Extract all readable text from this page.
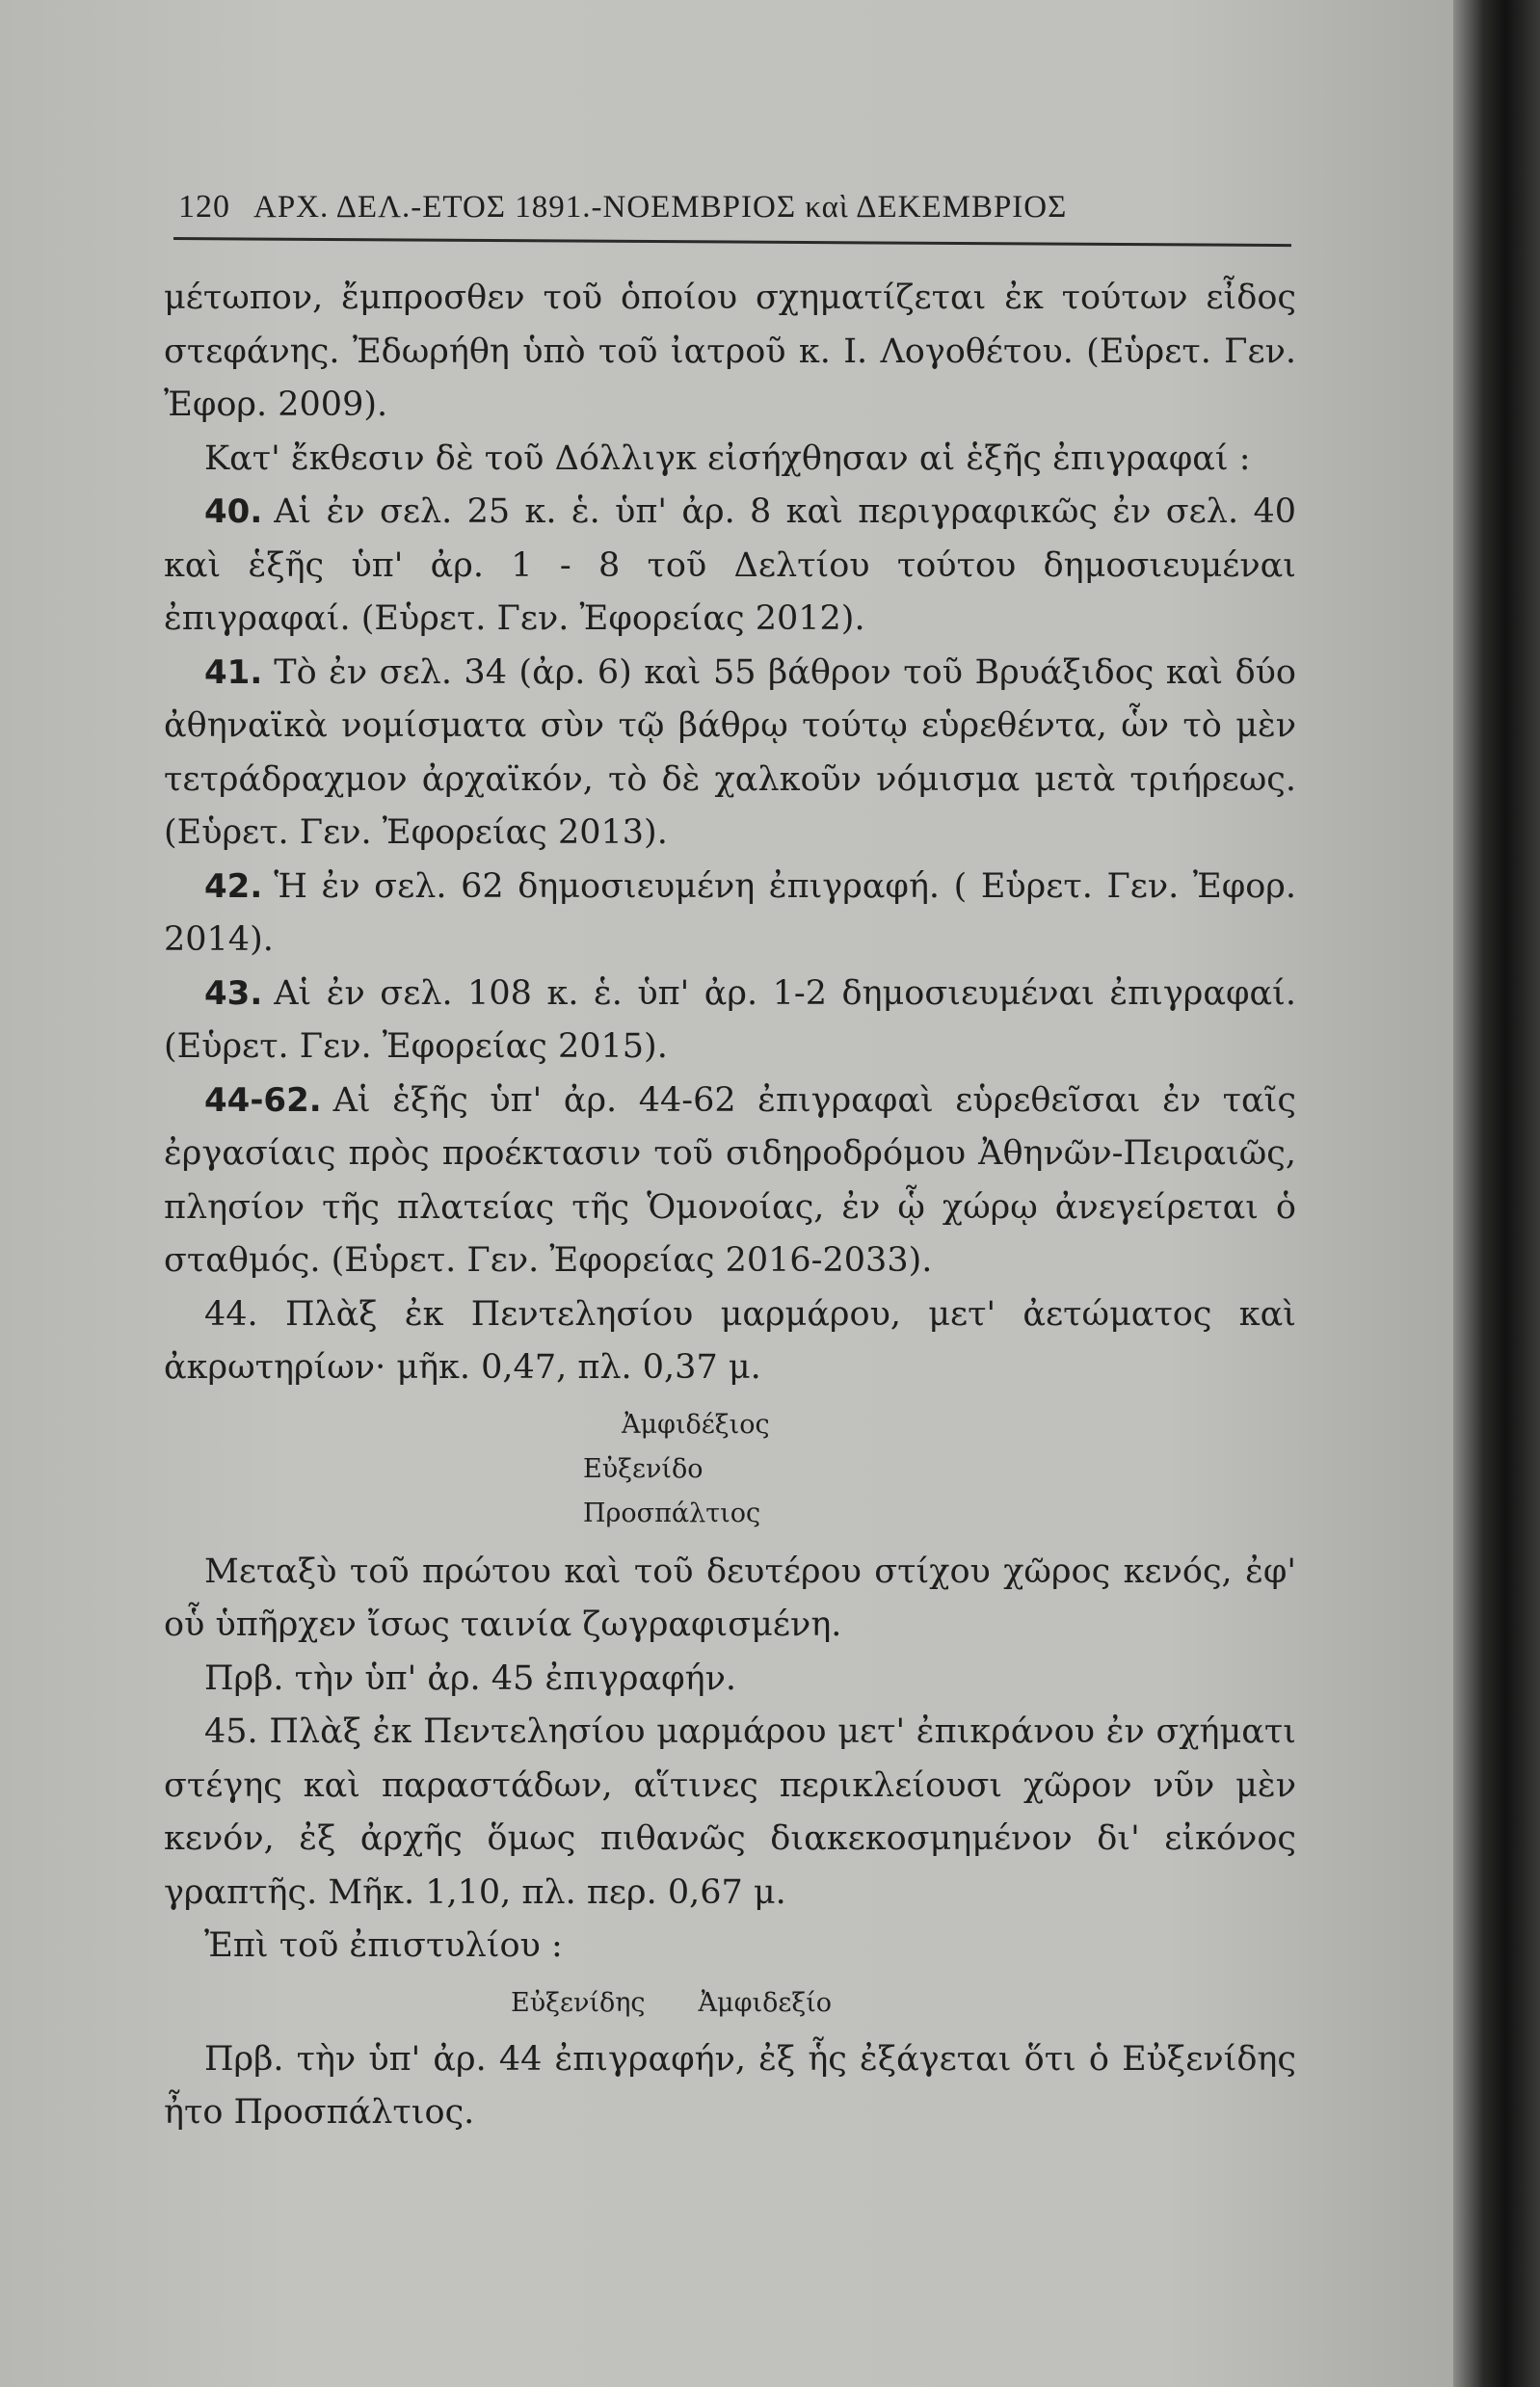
120 ΑΡΧ. ΔΕΛ.-ΕΤΟΣ 1891.-ΝΟΕΜΒΡΙΟΣ καὶ ΔΕΚΕΜΒΡΙΟΣ

μέτωπον, ἔμπροσθεν τοῦ ὁποίου σχηματίζεται ἐκ τούτων εἶδος στεφάνης. Ἐδωρήθη ὑπὸ τοῦ ἰατροῦ κ. Ι. Λογοθέτου. (Εὑρετ. Γεν. Ἐφορ. 2009).

Κατ' ἔκθεσιν δὲ τοῦ Δόλλιγκ εἰσήχθησαν αἱ ἑξῆς ἐπιγραφαί :

40. Αἱ ἐν σελ. 25 κ. ἑ. ὑπ' ἀρ. 8 καὶ περιγραφικῶς ἐν σελ. 40 καὶ ἑξῆς ὑπ' ἀρ. 1 - 8 τοῦ Δελτίου τούτου δημοσιευμέναι ἐπιγραφαί. (Εὑρετ. Γεν. Ἐφορείας 2012).

41. Τὸ ἐν σελ. 34 (ἀρ. 6) καὶ 55 βάθρον τοῦ Βρυάξιδος καὶ δύο ἀθηναϊκὰ νομίσματα σὺν τῷ βάθρῳ τούτῳ εὑρεθέντα, ὧν τὸ μὲν τετράδραχμον ἀρχαϊκόν, τὸ δὲ χαλκοῦν νόμισμα μετὰ τριήρεως. (Εὑρετ. Γεν. Ἐφορείας 2013).

42. Ἡ ἐν σελ. 62 δημοσιευμένη ἐπιγραφή. ( Εὑρετ. Γεν. Ἐφορ. 2014).

43. Αἱ ἐν σελ. 108 κ. ἑ. ὑπ' ἀρ. 1-2 δημοσιευμέναι ἐπιγραφαί. (Εὑρετ. Γεν. Ἐφορείας 2015).

44-62. Αἱ ἑξῆς ὑπ' ἀρ. 44-62 ἐπιγραφαὶ εὑρεθεῖσαι ἐν ταῖς ἐργασίαις πρὸς προέκτασιν τοῦ σιδηροδρόμου Ἀθηνῶν-Πειραιῶς, πλησίον τῆς πλατείας τῆς Ὁμονοίας, ἐν ᾧ χώρῳ ἀνεγείρεται ὁ σταθμός. (Εὑρετ. Γεν. Ἐφορείας 2016-2033).

44. Πλὰξ ἐκ Πεντελησίου μαρμάρου, μετ' ἀετώματος καὶ ἀκρωτηρίων· μῆκ. 0,47, πλ. 0,37 μ.

Ἀμφιδέξιος
Εὐξενίδο
Προσπάλτιος

Μεταξὺ τοῦ πρώτου καὶ τοῦ δευτέρου στίχου χῶρος κενός, ἐφ' οὗ ὑπῆρχεν ἴσως ταινία ζωγραφισμένη.

Πρβ. τὴν ὑπ' ἀρ. 45 ἐπιγραφήν.

45. Πλὰξ ἐκ Πεντελησίου μαρμάρου μετ' ἐπικράνου ἐν σχήματι στέγης καὶ παραστάδων, αἵτινες περικλείουσι χῶρον νῦν μὲν κενόν, ἐξ ἀρχῆς ὅμως πιθανῶς διακεκοσμημένον δι' εἰκόνος γραπτῆς. Μῆκ. 1,10, πλ. περ. 0,67 μ.

Ἐπὶ τοῦ ἐπιστυλίου :

Εὐξενίδης Ἀμφιδεξίο

Πρβ. τὴν ὑπ' ἀρ. 44 ἐπιγραφήν, ἐξ ἧς ἐξάγεται ὅτι ὁ Εὐξενίδης ἦτο Προσπάλτιος.
